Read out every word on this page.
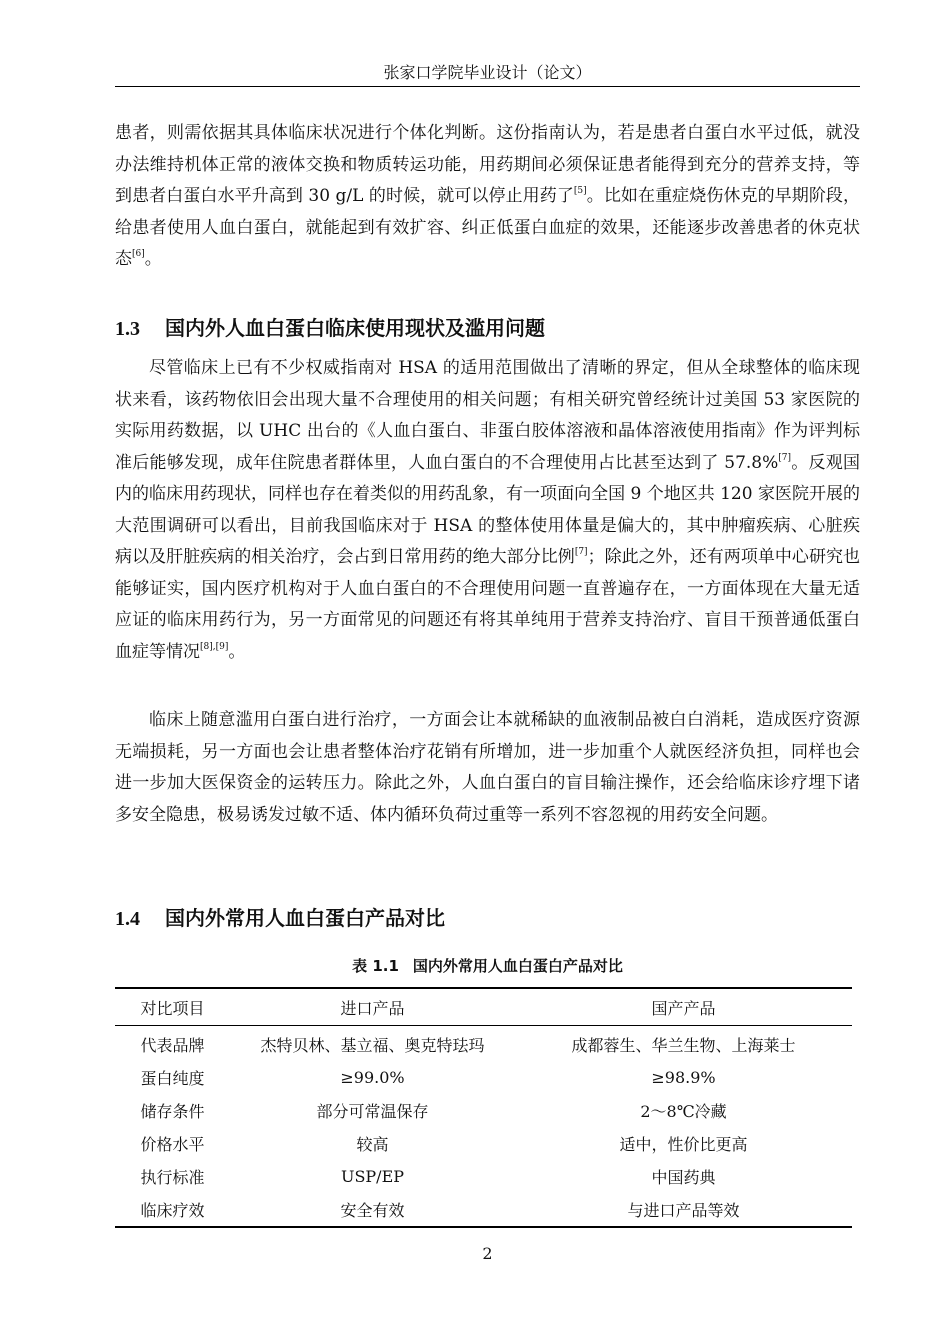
张家口学院毕业设计（论文）

患者，则需依据其具体临床状况进行个体化判断。这份指南认为，若是患者白蛋白水平过低，就没办法维持机体正常的液体交换和物质转运功能，用药期间必须保证患者能得到充分的营养支持，等到患者白蛋白水平升高到 30 g/L 的时候，就可以停止用药了[5]。比如在重症烧伤休克的早期阶段，给患者使用人血白蛋白，就能起到有效扩容、纠正低蛋白血症的效果，还能逐步改善患者的休克状态[6]。

1.3 国内外人血白蛋白临床使用现状及滥用问题

尽管临床上已有不少权威指南对 HSA 的适用范围做出了清晰的界定，但从全球整体的临床现状来看，该药物依旧会出现大量不合理使用的相关问题；有相关研究曾经统计过美国 53 家医院的实际用药数据，以 UHC 出台的《人血白蛋白、非蛋白胶体溶液和晶体溶液使用指南》作为评判标准后能够发现，成年住院患者群体里，人血白蛋白的不合理使用占比甚至达到了 57.8%[7]。反观国内的临床用药现状，同样也存在着类似的用药乱象，有一项面向全国 9 个地区共 120 家医院开展的大范围调研可以看出，目前我国临床对于 HSA 的整体使用体量是偏大的，其中肿瘤疾病、心脏疾病以及肝脏疾病的相关治疗，会占到日常用药的绝大部分比例[7]；除此之外，还有两项单中心研究也能够证实，国内医疗机构对于人血白蛋白的不合理使用问题一直普遍存在，一方面体现在大量无适应证的临床用药行为，另一方面常见的问题还有将其单纯用于营养支持治疗、盲目干预普通低蛋白血症等情况[8],[9]。

临床上随意滥用白蛋白进行治疗，一方面会让本就稀缺的血液制品被白白消耗，造成医疗资源无端损耗，另一方面也会让患者整体治疗花销有所增加，进一步加重个人就医经济负担，同样也会进一步加大医保资金的运转压力。除此之外，人血白蛋白的盲目输注操作，还会给临床诊疗埋下诸多安全隐患，极易诱发过敏不适、体内循环负荷过重等一系列不容忽视的用药安全问题。

1.4 国内外常用人血白蛋白产品对比
表 1.1 国内外常用人血白蛋白产品对比
对比项目	进口产品	国产产品
代表品牌	杰特贝林、基立福、奥克特珐玛	成都蓉生、华兰生物、上海莱士
蛋白纯度	≥99.0%	≥98.9%
储存条件	部分可常温保存	2～8℃冷藏
价格水平	较高	适中，性价比更高
执行标准	USP/EP	中国药典
临床疗效	安全有效	与进口产品等效
2
